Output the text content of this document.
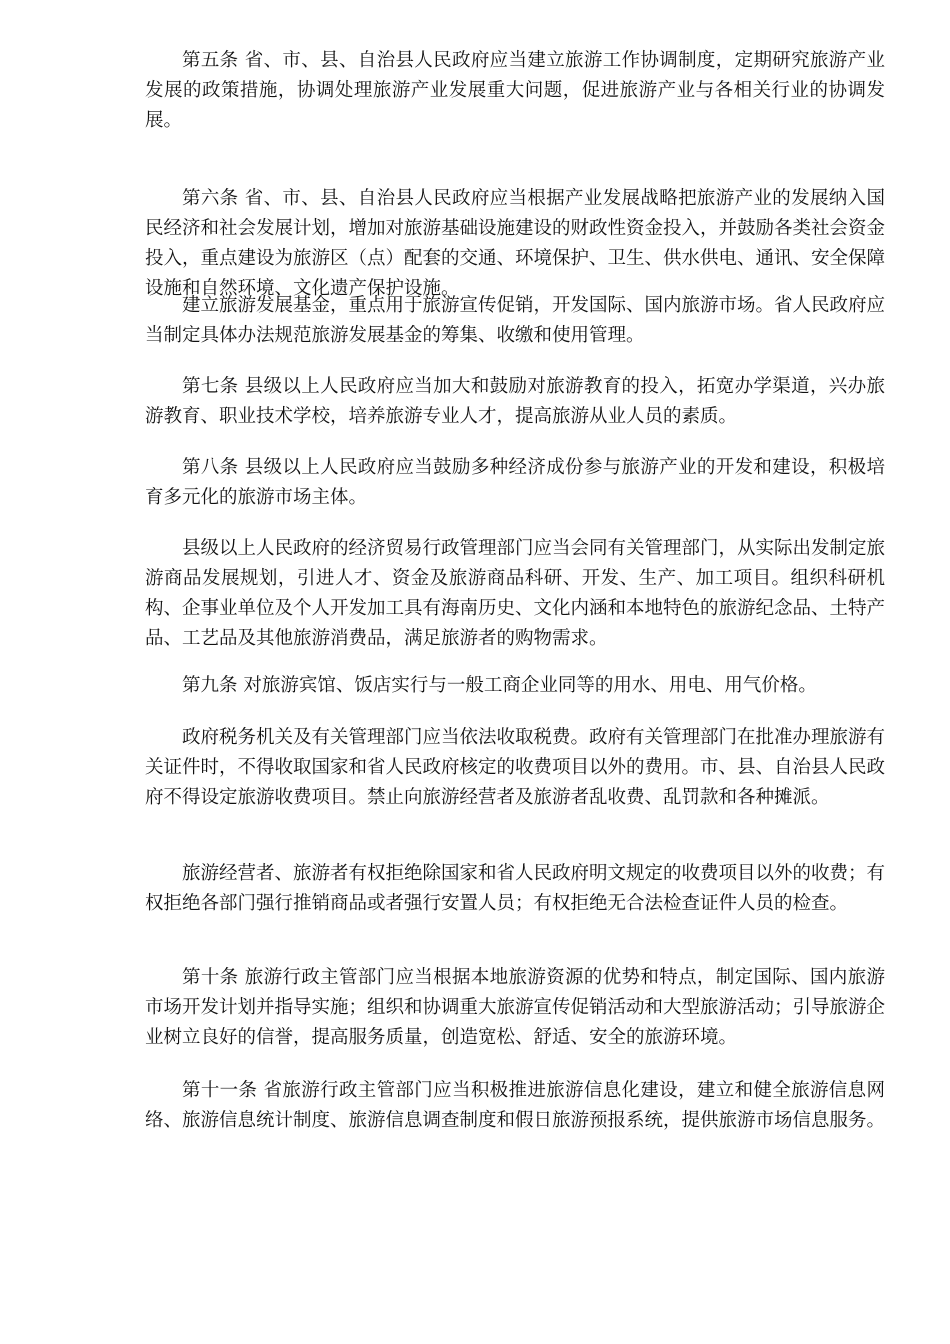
第五条 省、市、县、自治县人民政府应当建立旅游工作协调制度，定期研究旅游产业发展的政策措施，协调处理旅游产业发展重大问题，促进旅游产业与各相关行业的协调发展。

第六条 省、市、县、自治县人民政府应当根据产业发展战略把旅游产业的发展纳入国民经济和社会发展计划，增加对旅游基础设施建设的财政性资金投入，并鼓励各类社会资金投入，重点建设为旅游区（点）配套的交通、环境保护、卫生、供水供电、通讯、安全保障设施和自然环境、文化遗产保护设施。

建立旅游发展基金，重点用于旅游宣传促销，开发国际、国内旅游市场。省人民政府应当制定具体办法规范旅游发展基金的筹集、收缴和使用管理。

第七条 县级以上人民政府应当加大和鼓励对旅游教育的投入，拓宽办学渠道，兴办旅游教育、职业技术学校，培养旅游专业人才，提高旅游从业人员的素质。

第八条 县级以上人民政府应当鼓励多种经济成份参与旅游产业的开发和建设，积极培育多元化的旅游市场主体。

县级以上人民政府的经济贸易行政管理部门应当会同有关管理部门，从实际出发制定旅游商品发展规划，引进人才、资金及旅游商品科研、开发、生产、加工项目。组织科研机构、企事业单位及个人开发加工具有海南历史、文化内涵和本地特色的旅游纪念品、土特产品、工艺品及其他旅游消费品，满足旅游者的购物需求。

第九条 对旅游宾馆、饭店实行与一般工商企业同等的用水、用电、用气价格。

政府税务机关及有关管理部门应当依法收取税费。政府有关管理部门在批准办理旅游有关证件时，不得收取国家和省人民政府核定的收费项目以外的费用。市、县、自治县人民政府不得设定旅游收费项目。禁止向旅游经营者及旅游者乱收费、乱罚款和各种摊派。

旅游经营者、旅游者有权拒绝除国家和省人民政府明文规定的收费项目以外的收费；有权拒绝各部门强行推销商品或者强行安置人员；有权拒绝无合法检查证件人员的检查。

第十条 旅游行政主管部门应当根据本地旅游资源的优势和特点，制定国际、国内旅游市场开发计划并指导实施；组织和协调重大旅游宣传促销活动和大型旅游活动；引导旅游企业树立良好的信誉，提高服务质量，创造宽松、舒适、安全的旅游环境。

第十一条 省旅游行政主管部门应当积极推进旅游信息化建设，建立和健全旅游信息网络、旅游信息统计制度、旅游信息调查制度和假日旅游预报系统，提供旅游市场信息服务。
